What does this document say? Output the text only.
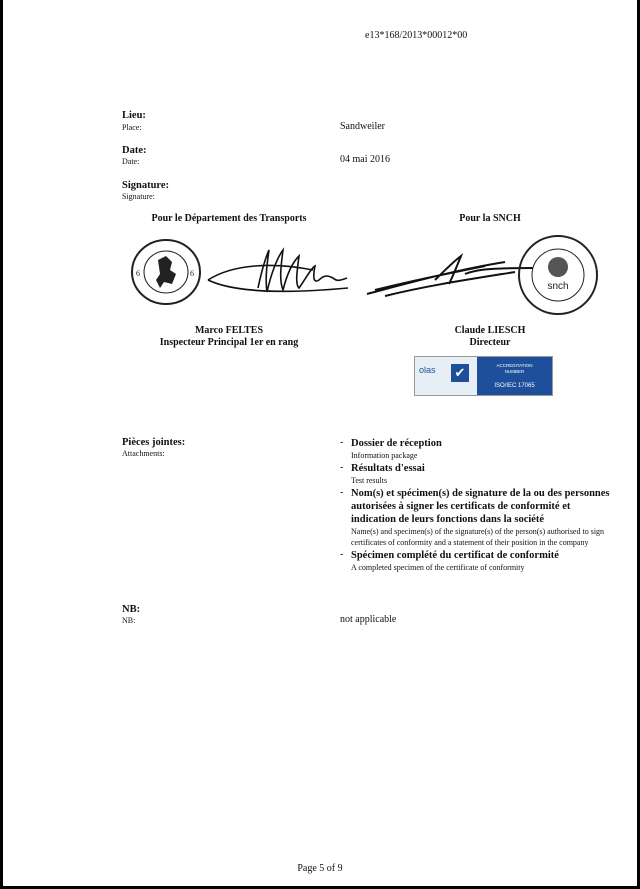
e13*168/2013*00012*00
Lieu:
Place:	Sandweiler
Date:
Date:	04 mai 2016
Signature:
Signature:
Pour le Département des Transports	Pour la SNCH
6	6
snch
Marco FELTES
Inspecteur Principal 1er en rang
Claude LIESCH
Directeur
olas ✔	ACCREDITATION
NUMBER
ISO/IEC 17065
Pièces jointes:
Attachments:
- Dossier de réception
Information package
- Résultats d'essai
Test results
- Nom(s) et spécimen(s) de signature de la ou des personnes autorisées à signer les certificats de conformité et indication de leurs fonctions dans la société
Name(s) and specimen(s) of the signature(s) of the person(s) authorised to sign certificates of conformity and a statement of their position in the company
- Spécimen complété du certificat de conformité
A completed specimen of the certificate of conformity
NB:
NB:	not applicable
Page 5 of 9
